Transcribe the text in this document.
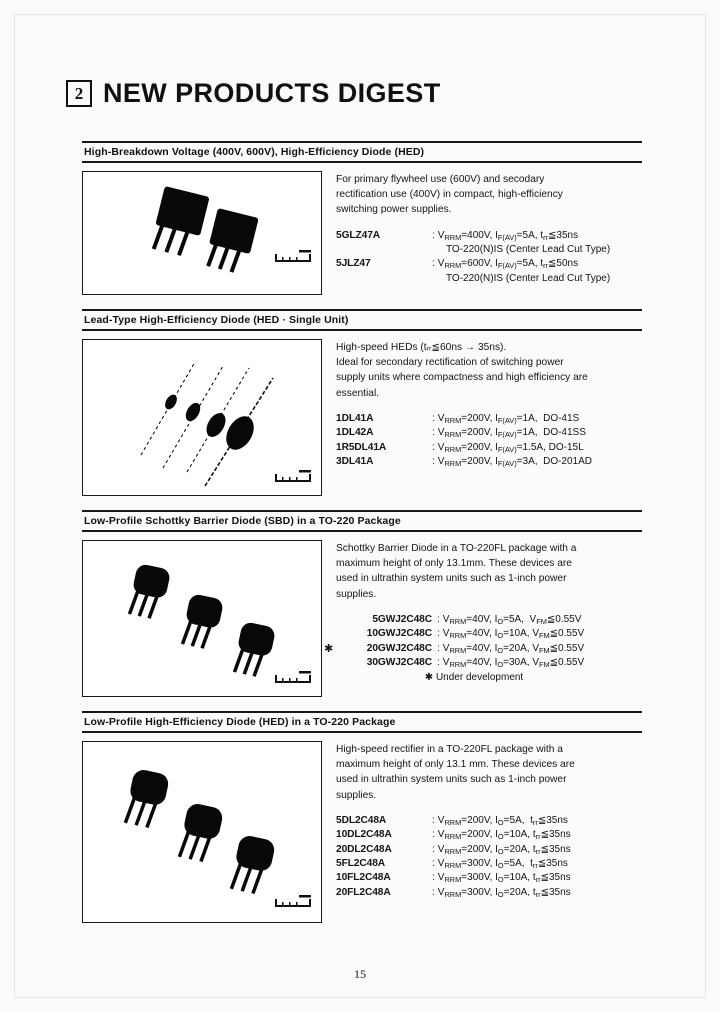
2 NEW PRODUCTS DIGEST
High-Breakdown Voltage (400V, 600V), High-Efficiency Diode (HED)
For primary flywheel use (600V) and secodary
rectification use (400V) in compact, high-efficiency
switching power supplies.
5GLZ47A	: $V_{RRM}=400V$, $I_{F(AV)}=5A$, $t_{rr}≦35ns$
TO-220(N)IS (Center Lead Cut Type)
5JLZ47	: $V_{RRM}=600V$, $I_{F(AV)}=5A$, $t_{rr}≦50ns$
TO-220(N)IS (Center Lead Cut Type)
Lead-Type High-Efficiency Diode (HED · Single Unit)
High-speed HEDs (tᵣᵣ≦60ns → 35ns).
Ideal for secondary rectification of switching power
supply units where compactness and high efficiency are
essential.
1DL41A	: $V_{RRM}=200V$, $I_{F(AV)}=1A$, DO-41S
1DL42A	: $V_{RRM}=200V$, $I_{F(AV)}=1A$, DO-41SS
1R5DL41A	: $V_{RRM}=200V$, $I_{F(AV)}=1.5A$, DO-15L
3DL41A	: $V_{RRM}=200V$, $I_{F(AV)}=3A$, DO-201AD
Low-Profile Schottky Barrier Diode (SBD) in a TO-220 Package
Schottky Barrier Diode in a TO-220FL package with a
maximum height of only 13.1mm. These devices are
used in ultrathin system units such as 1-inch power
supplies.
5GWJ2C48C : $V_{RRM}=40V$, $I_O=5A$, $V_{FM}≦0.55V$
10GWJ2C48C : $V_{RRM}=40V$, $I_O=10A$, $V_{FM}≦0.55V$
✱	20GWJ2C48C : $V_{RRM}=40V$, $I_O=20A$, $V_{FM}≦0.55V$
30GWJ2C48C : $V_{RRM}=40V$, $I_O=30A$, $V_{FM}≦0.55V$
✱ Under development
Low-Profile High-Efficiency Diode (HED) in a TO-220 Package
High-speed rectifier in a TO-220FL package with a
maximum height of only 13.1 mm. These devices are
used in ultrathin system units such as 1-inch power
supplies.
5DL2C48A	: $V_{RRM}=200V$, $I_O=5A$, $t_{rr}≦35ns$
10DL2C48A	: $V_{RRM}=200V$, $I_O=10A$, $t_{rr}≦35ns$
20DL2C48A	: $V_{RRM}=200V$, $I_O=20A$, $t_{rr}≦35ns$
5FL2C48A	: $V_{RRM}=300V$, $I_O=5A$, $t_{rr}≦35ns$
10FL2C48A	: $V_{RRM}=300V$, $I_O=10A$, $t_{rr}≦35ns$
20FL2C48A	: $V_{RRM}=300V$, $I_O=20A$, $t_{rr}≦35ns$
15
